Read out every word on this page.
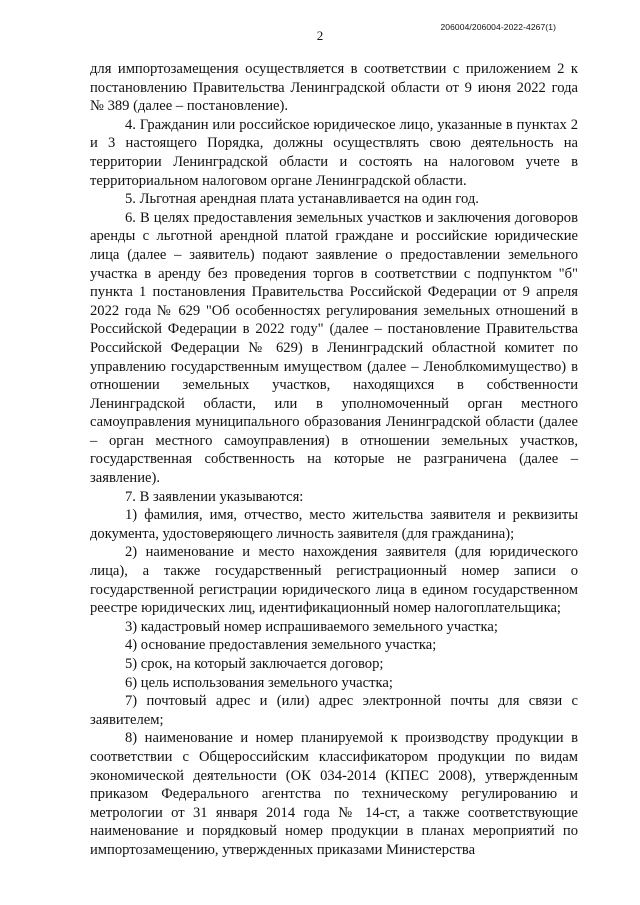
2
206004/206004-2022-4267(1)

для импортозамещения осуществляется в соответствии с приложением 2 к постановлению Правительства Ленинградской области от 9 июня 2022 года № 389 (далее – постановление).

4. Гражданин или российское юридическое лицо, указанные в пунктах 2 и 3 настоящего Порядка, должны осуществлять свою деятельность на территории Ленинградской области и состоять на налоговом учете в территориальном налоговом органе Ленинградской области.

5. Льготная арендная плата устанавливается на один год.

6. В целях предоставления земельных участков и заключения договоров аренды с льготной арендной платой граждане и российские юридические лица (далее – заявитель) подают заявление о предоставлении земельного участка в аренду без проведения торгов в соответствии с подпунктом "б" пункта 1 постановления Правительства Российской Федерации от 9 апреля 2022 года № 629 "Об особенностях регулирования земельных отношений в Российской Федерации в 2022 году" (далее – постановление Правительства Российской Федерации № 629) в Ленинградский областной комитет по управлению государственным имуществом (далее – Леноблкомимущество) в отношении земельных участков, находящихся в собственности Ленинградской области, или в уполномоченный орган местного самоуправления муниципального образования Ленинградской области (далее – орган местного самоуправления) в отношении земельных участков, государственная собственность на которые не разграничена (далее – заявление).

7. В заявлении указываются:

1) фамилия, имя, отчество, место жительства заявителя и реквизиты документа, удостоверяющего личность заявителя (для гражданина);

2) наименование и место нахождения заявителя (для юридического лица), а также государственный регистрационный номер записи о государственной регистрации юридического лица в едином государственном реестре юридических лиц, идентификационный номер налогоплательщика;

3) кадастровый номер испрашиваемого земельного участка;

4) основание предоставления земельного участка;

5) срок, на который заключается договор;

6) цель использования земельного участка;

7) почтовый адрес и (или) адрес электронной почты для связи с заявителем;

8) наименование и номер планируемой к производству продукции в соответствии с Общероссийским классификатором продукции по видам экономической деятельности (ОК 034-2014 (КПЕС 2008), утвержденным приказом Федерального агентства по техническому регулированию и метрологии от 31 января 2014 года № 14-ст, а также соответствующие наименование и порядковый номер продукции в планах мероприятий по импортозамещению, утвержденных приказами Министерства
